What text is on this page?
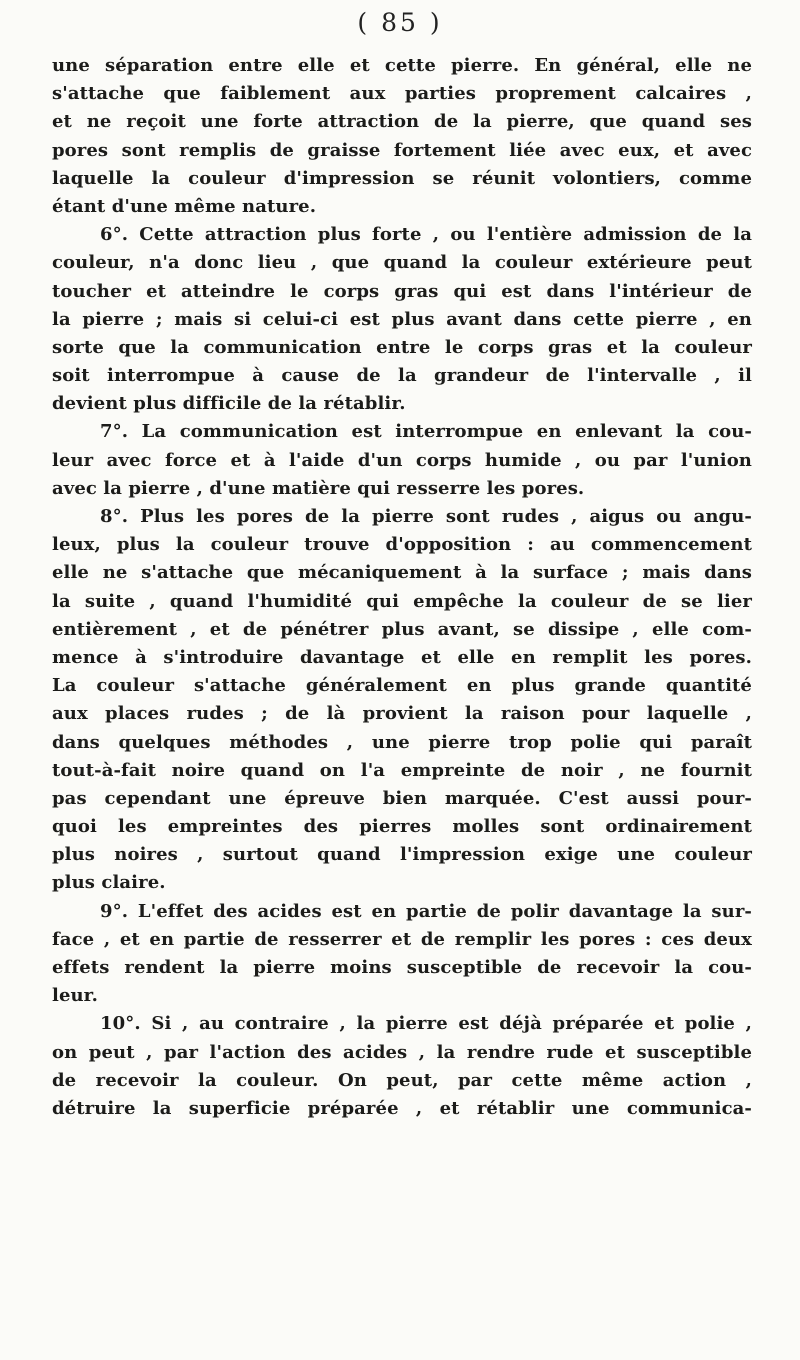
( 85 )
une séparation entre elle et cette pierre. En général, elle ne
s'attache que faiblement aux parties proprement calcaires ,
et ne reçoit une forte attraction de la pierre, que quand ses
pores sont remplis de graisse fortement liée avec eux, et avec
laquelle la couleur d'impression se réunit volontiers, comme
étant d'une même nature.
6°. Cette attraction plus forte , ou l'entière admission de la
couleur, n'a donc lieu , que quand la couleur extérieure peut
toucher et atteindre le corps gras qui est dans l'intérieur de
la pierre ; mais si celui-ci est plus avant dans cette pierre , en
sorte que la communication entre le corps gras et la couleur
soit interrompue à cause de la grandeur de l'intervalle , il
devient plus difficile de la rétablir.
7°. La communication est interrompue en enlevant la cou-
leur avec force et à l'aide d'un corps humide , ou par l'union
avec la pierre , d'une matière qui resserre les pores.
8°. Plus les pores de la pierre sont rudes , aigus ou angu-
leux, plus la couleur trouve d'opposition : au commencement
elle ne s'attache que mécaniquement à la surface ; mais dans
la suite , quand l'humidité qui empêche la couleur de se lier
entièrement , et de pénétrer plus avant, se dissipe , elle com-
mence à s'introduire davantage et elle en remplit les pores.
La couleur s'attache généralement en plus grande quantité
aux places rudes ; de là provient la raison pour laquelle ,
dans quelques méthodes , une pierre trop polie qui paraît
tout-à-fait noire quand on l'a empreinte de noir , ne fournit
pas cependant une épreuve bien marquée. C'est aussi pour-
quoi les empreintes des pierres molles sont ordinairement
plus noires , surtout quand l'impression exige une couleur
plus claire.
9°. L'effet des acides est en partie de polir davantage la sur-
face , et en partie de resserrer et de remplir les pores : ces deux
effets rendent la pierre moins susceptible de recevoir la cou-
leur.
10°. Si , au contraire , la pierre est déjà préparée et polie ,
on peut , par l'action des acides , la rendre rude et susceptible
de recevoir la couleur. On peut, par cette même action ,
détruire la superficie préparée , et rétablir une communica-
